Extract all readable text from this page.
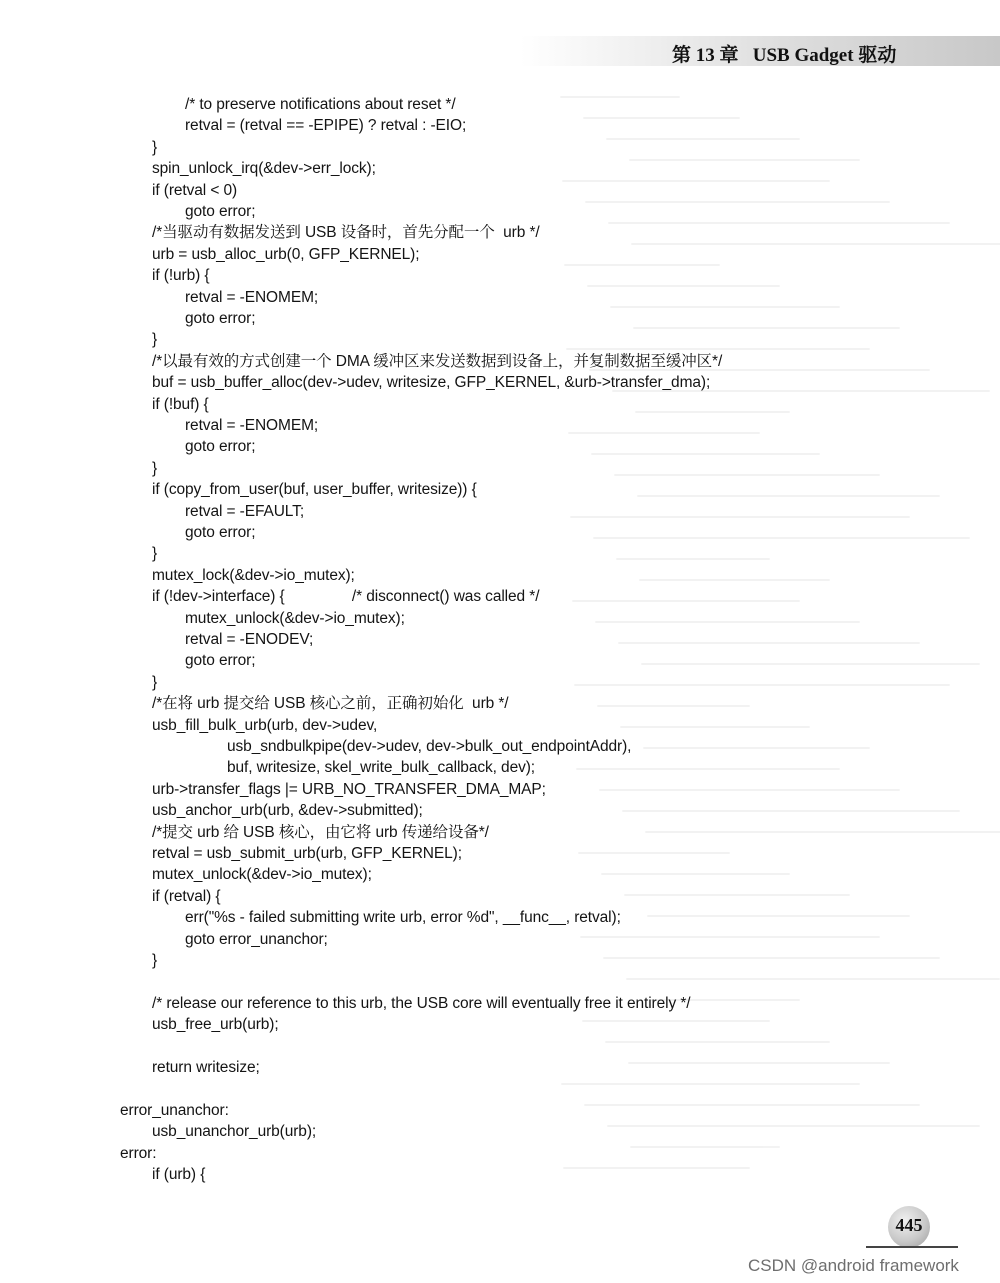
第 13 章   USB Gadget 驱动
/* to preserve notifications about reset */
retval = (retval == -EPIPE) ? retval : -EIO;
}
spin_unlock_irq(&dev->err_lock);
if (retval < 0)
goto error;
/*当驱动有数据发送到 USB 设备时，首先分配一个  urb */
urb = usb_alloc_urb(0, GFP_KERNEL);
if (!urb) {
retval = -ENOMEM;
goto error;
}
/*以最有效的方式创建一个 DMA 缓冲区来发送数据到设备上，并复制数据至缓冲区*/
buf = usb_buffer_alloc(dev->udev, writesize, GFP_KERNEL, &urb->transfer_dma);
if (!buf) {
retval = -ENOMEM;
goto error;
}
if (copy_from_user(buf, user_buffer, writesize)) {
retval = -EFAULT;
goto error;
}
mutex_lock(&dev->io_mutex);
if (!dev->interface) {                /* disconnect() was called */
mutex_unlock(&dev->io_mutex);
retval = -ENODEV;
goto error;
}
/*在将 urb 提交给 USB 核心之前，正确初始化  urb */
usb_fill_bulk_urb(urb, dev->udev,
usb_sndbulkpipe(dev->udev, dev->bulk_out_endpointAddr),
buf, writesize, skel_write_bulk_callback, dev);
urb->transfer_flags |= URB_NO_TRANSFER_DMA_MAP;
usb_anchor_urb(urb, &dev->submitted);
/*提交 urb 给 USB 核心，由它将 urb 传递给设备*/
retval = usb_submit_urb(urb, GFP_KERNEL);
mutex_unlock(&dev->io_mutex);
if (retval) {
err("%s - failed submitting write urb, error %d", __func__, retval);
goto error_unanchor;
}
/* release our reference to this urb, the USB core will eventually free it entirely */
usb_free_urb(urb);
return writesize;
error_unanchor:
usb_unanchor_urb(urb);
error:
if (urb) {
445
CSDN @android framework
